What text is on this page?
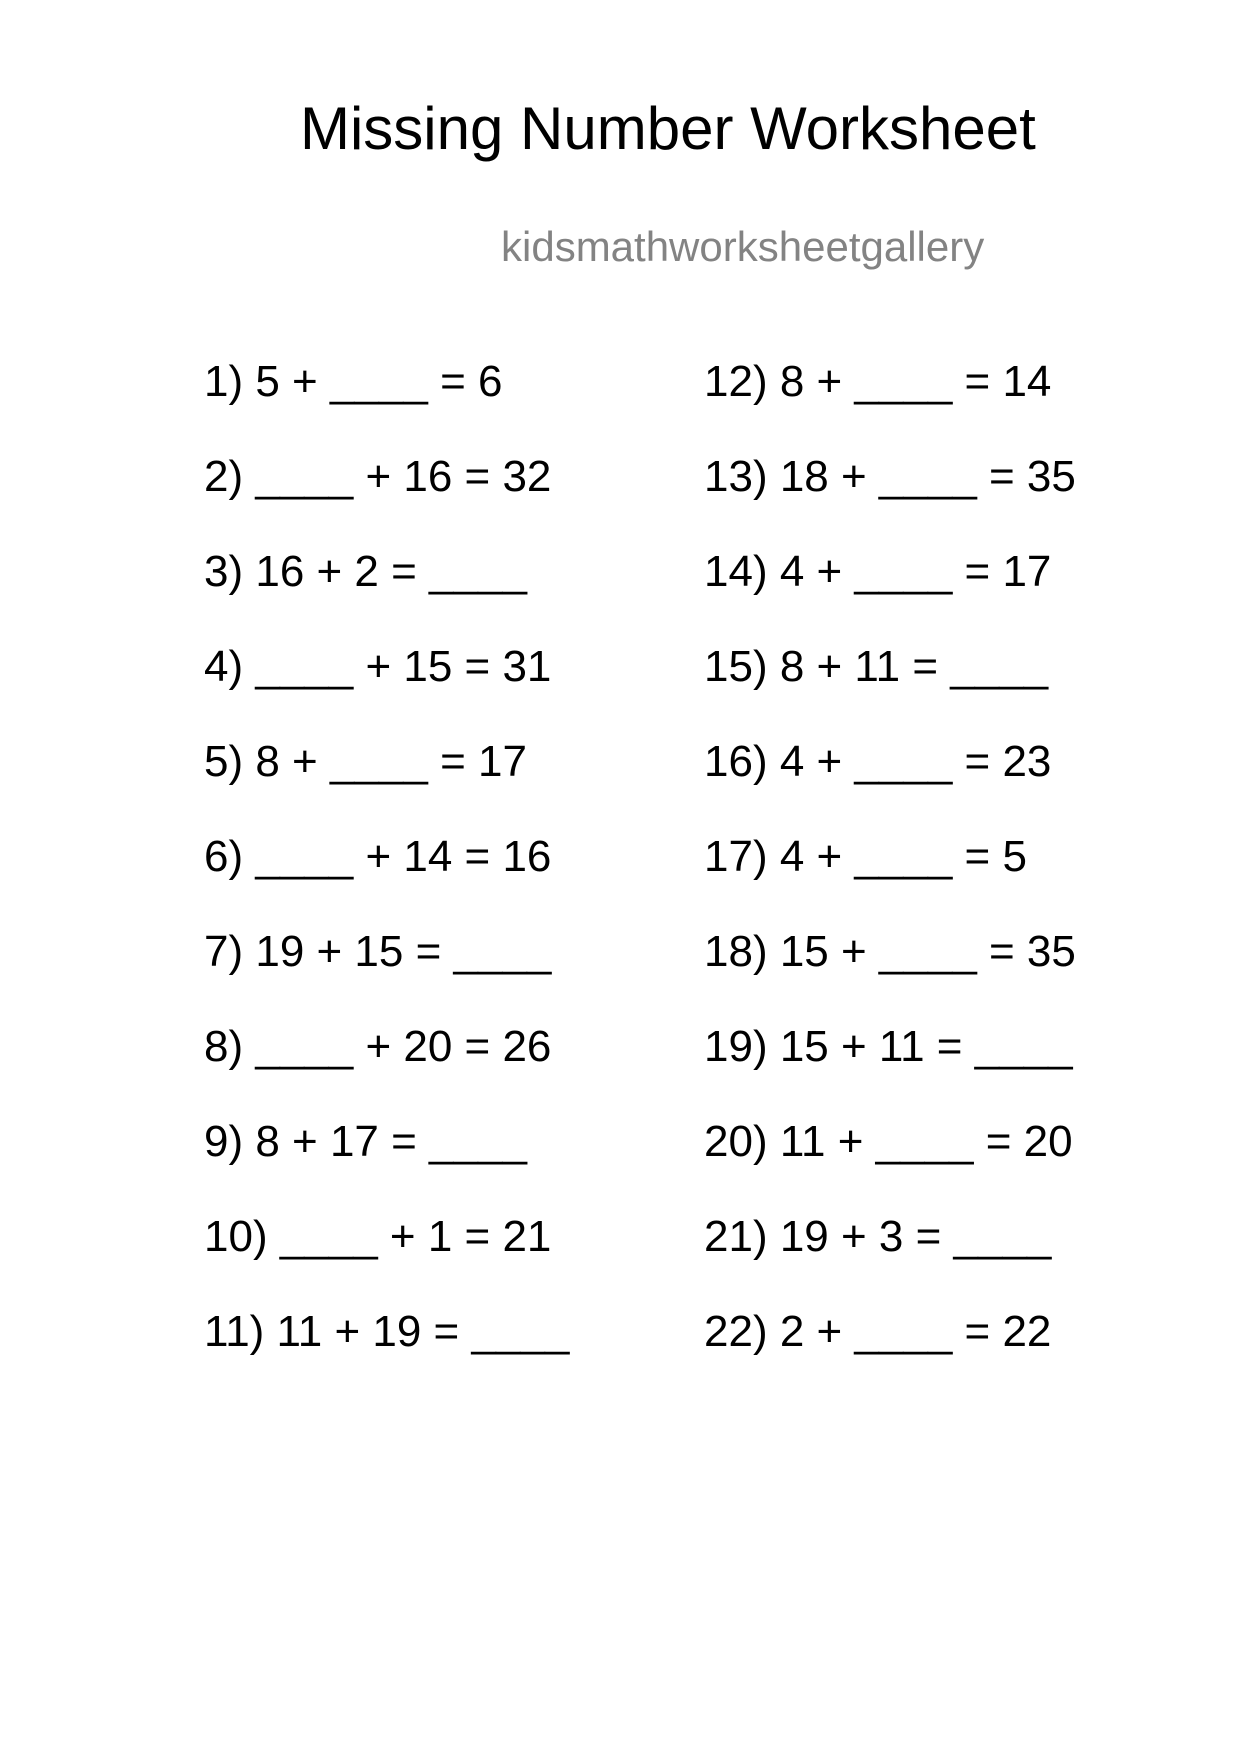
Missing Number Worksheet
kidsmathworksheetgallery
1) 5 + ____ = 6
2) ____ + 16 = 32
3) 16 + 2 = ____
4) ____ + 15 = 31
5) 8 + ____ = 17
6) ____ + 14 = 16
7) 19 + 15 = ____
8) ____ + 20 = 26
9) 8 + 17 = ____
10) ____ + 1 = 21
11) 11 + 19 = ____
12) 8 + ____ = 14
13) 18 + ____ = 35
14) 4 + ____ = 17
15) 8 + 11 = ____
16) 4 + ____ = 23
17) 4 + ____ = 5
18) 15 + ____ = 35
19) 15 + 11 = ____
20) 11 + ____ = 20
21) 19 + 3 = ____
22) 2 + ____ = 22
